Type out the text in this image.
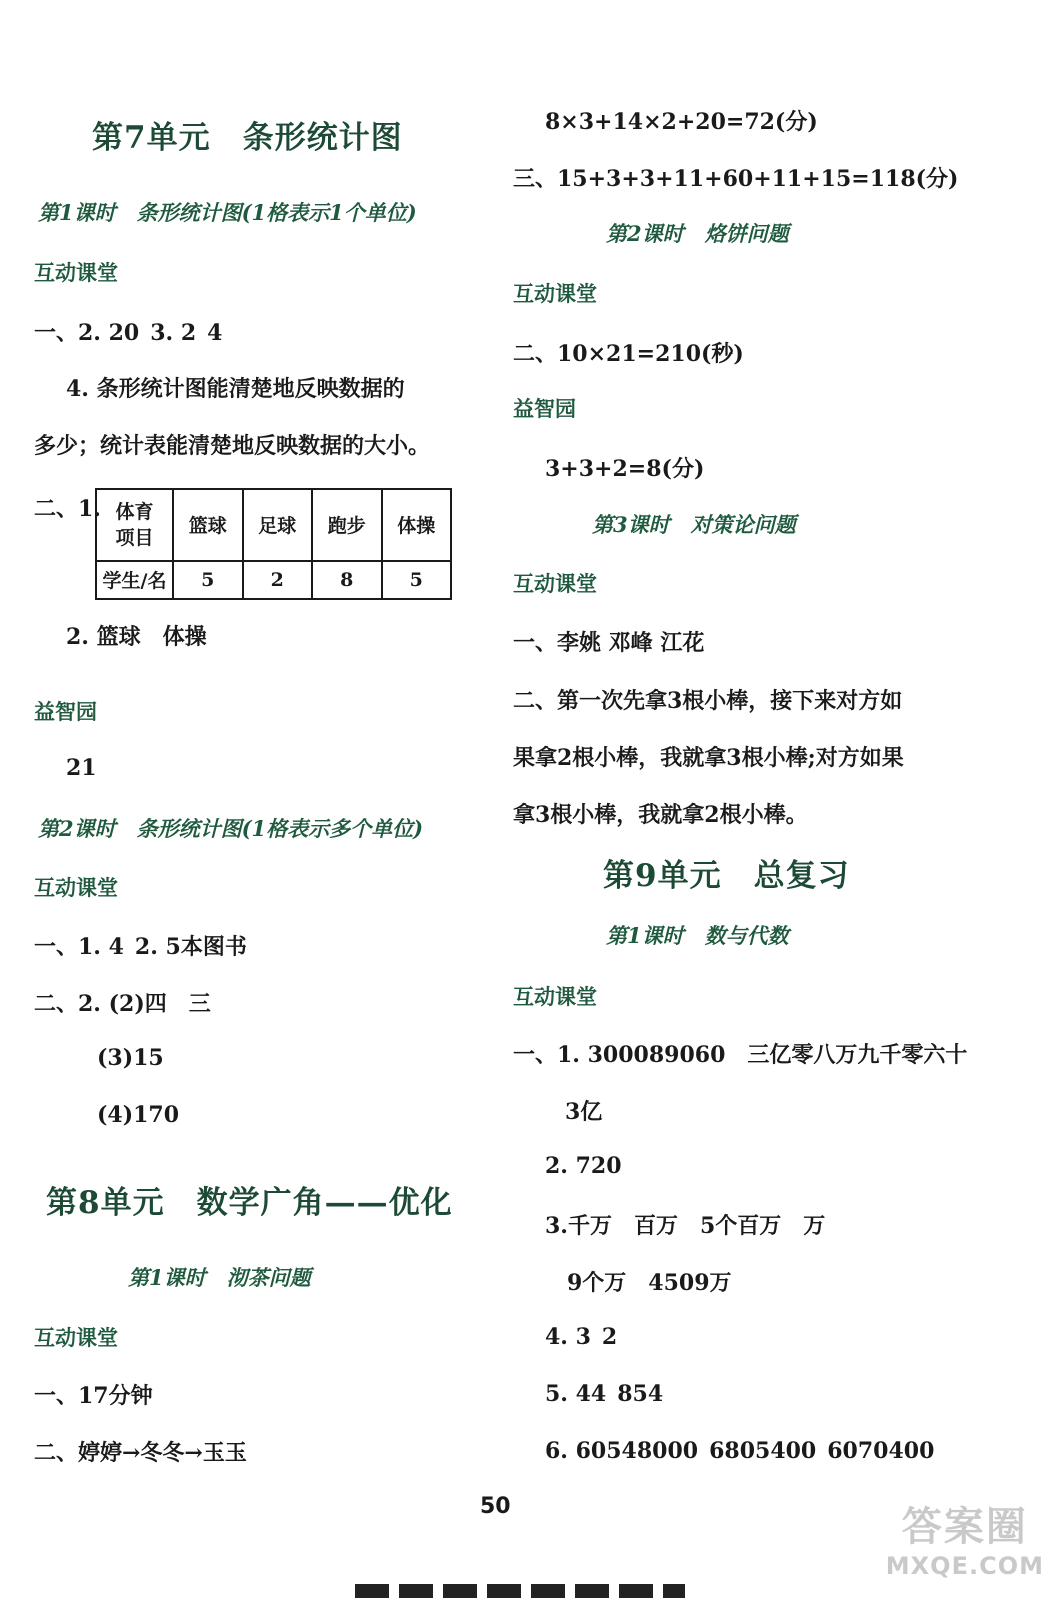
第7单元　条形统计图
第1课时　条形统计图(1格表示1个单位)
互动课堂
一、2. 20 3. 2 4
4. 条形统计图能清楚地反映数据的
多少；统计表能清楚地反映数据的大小。
二、1. 体育
项目	篮球	足球	跑步	体操
学生/名	5	2	8	5
2. 篮球　体操
益智园
21
第2课时　条形统计图(1格表示多个单位)
互动课堂
一、1. 4 2. 5本图书
二、2. (2)四　三
(3)15
(4)170
第8单元　数学广角——优化
第1课时　沏茶问题
互动课堂
一、17分钟
二、婷婷→冬冬→玉玉
8×3+14×2+20=72(分)
三、15+3+3+11+60+11+15=118(分)
第2课时　烙饼问题
互动课堂
二、10×21=210(秒)
益智园
3+3+2=8(分)
第3课时　对策论问题
互动课堂
一、李姚 邓峰 江花
二、第一次先拿3根小棒，接下来对方如
果拿2根小棒，我就拿3根小棒;对方如果
拿3根小棒，我就拿2根小棒。
第9单元　总复习
第1课时　数与代数
互动课堂
一、1. 300089060　三亿零八万九千零六十
3亿
2. 720
3.千万　百万　5个百万　万
9个万　4509万
4. 3 2
5. 44 854
6. 60548000 6805400 6070400
50	答案圈
MXQE.COM
